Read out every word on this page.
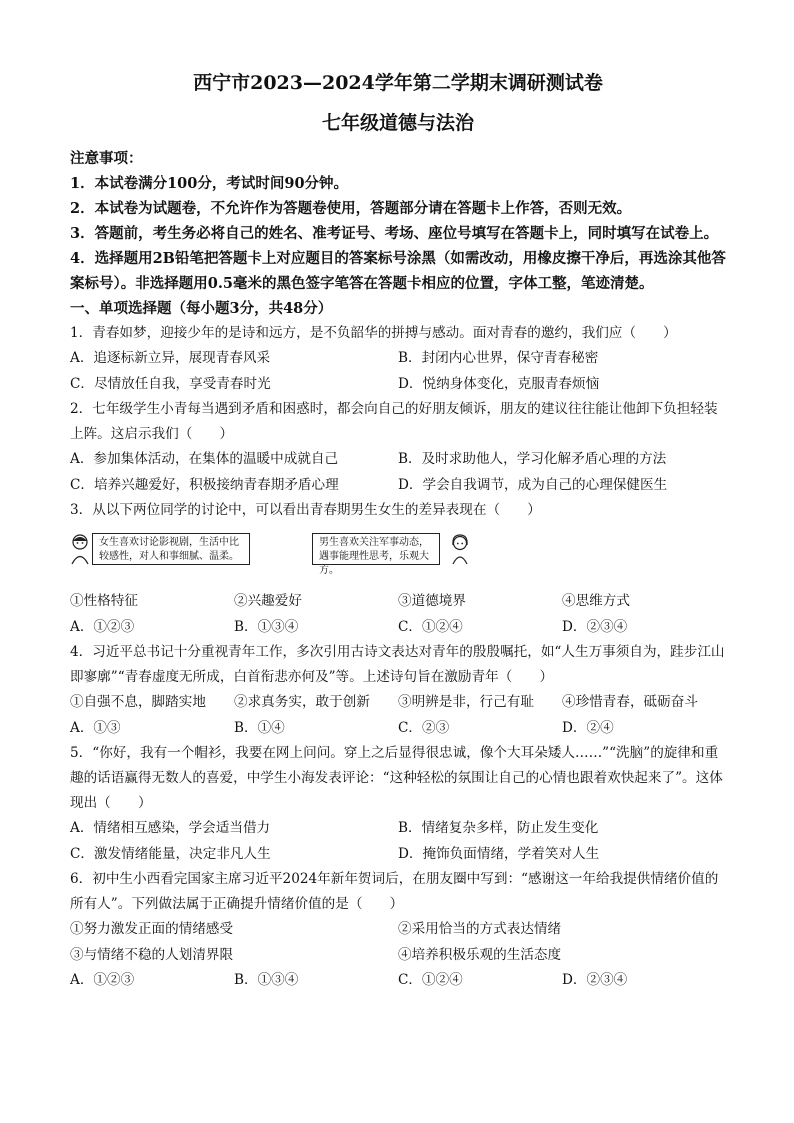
西宁市2023—2024学年第二学期末调研测试卷
七年级道德与法治
注意事项：
1．本试卷满分100分，考试时间90分钟。
2．本试卷为试题卷，不允许作为答题卷使用，答题部分请在答题卡上作答，否则无效。
3．答题前，考生务必将自己的姓名、准考证号、考场、座位号填写在答题卡上，同时填写在试卷上。
4．选择题用2B铅笔把答题卡上对应题目的答案标号涂黑（如需改动，用橡皮擦干净后，再选涂其他答案标号）。非选择题用0.5毫米的黑色签字笔答在答题卡相应的位置，字体工整，笔迹清楚。
一、单项选择题（每小题3分，共48分）
1．青春如梦，迎接少年的是诗和远方，是不负韶华的拼搏与感动。面对青春的邀约，我们应（　　）
A．追逐标新立异，展现青春风采	B．封闭内心世界，保守青春秘密
C．尽情放任自我，享受青春时光	D．悦纳身体变化，克服青春烦恼
2．七年级学生小青每当遇到矛盾和困惑时，都会向自己的好朋友倾诉，朋友的建议往往能让他卸下负担轻装上阵。这启示我们（　　）
A．参加集体活动，在集体的温暖中成就自己	B．及时求助他人，学习化解矛盾心理的方法
C．培养兴趣爱好，积极接纳青春期矛盾心理	D．学会自我调节，成为自己的心理保健医生
3．从以下两位同学的讨论中，可以看出青春期男生女生的差异表现在（　　）
女生喜欢讨论影视剧，生活中比较感性，对人和事细腻、温柔。
男生喜欢关注军事动态，遇事能理性思考，乐观大方。
①性格特征	②兴趣爱好	③道德境界	④思维方式
A．①②③	B．①③④	C．①②④	D．②③④
4．习近平总书记十分重视青年工作，多次引用古诗文表达对青年的殷殷嘱托，如“人生万事须自为，跬步江山即寥廓”“青春虚度无所成，白首衔悲亦何及”等。上述诗句旨在激励青年（　　）
①自强不息，脚踏实地	②求真务实，敢于创新	③明辨是非，行己有耻	④珍惜青春，砥砺奋斗
A．①③	B．①④	C．②③	D．②④
5．“你好，我有一个帽衫，我要在网上问问。穿上之后显得很忠诚，像个大耳朵矮人……”“洗脑”的旋律和重趣的话语赢得无数人的喜爱，中学生小海发表评论：“这种轻松的氛围让自己的心情也跟着欢快起来了”。这体现出（　　）
A．情绪相互感染，学会适当借力	B．情绪复杂多样，防止发生变化
C．激发情绪能量，决定非凡人生	D．掩饰负面情绪，学着笑对人生
6．初中生小西看完国家主席习近平2024年新年贺词后，在朋友圈中写到：“感谢这一年给我提供情绪价值的所有人”。下列做法属于正确提升情绪价值的是（　　）
①努力激发正面的情绪感受	②采用恰当的方式表达情绪
③与情绪不稳的人划清界限	④培养积极乐观的生活态度
A．①②③	B．①③④	C．①②④	D．②③④
